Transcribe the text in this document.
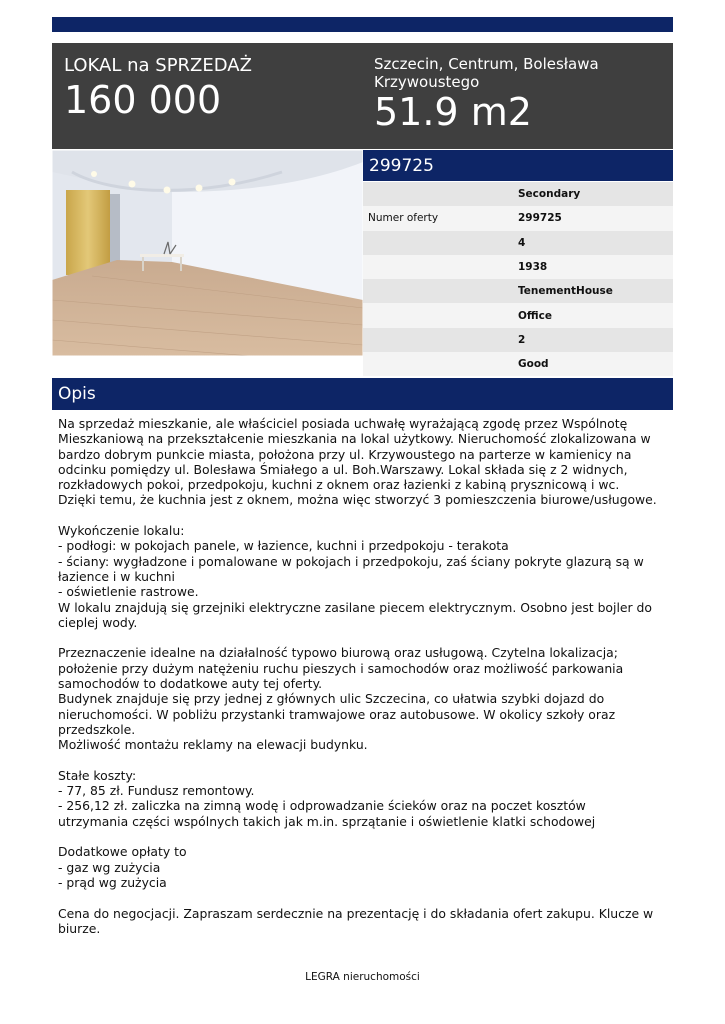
LOKAL na SPRZEDAŻ
160 000
Szczecin, Centrum, Bolesława Krzywoustego
51.9 m2
299725
Secondary
Numer oferty	299725
4
1938
TenementHouse
Office
2
Good
Opis

Na sprzedaż mieszkanie, ale właściciel posiada uchwałę wyrażającą zgodę przez Wspólnotę Mieszkaniową na przekształcenie mieszkania na lokal użytkowy. Nieruchomość zlokalizowana w bardzo dobrym punkcie miasta, położona przy ul. Krzywoustego na parterze w kamienicy na odcinku pomiędzy ul. Bolesława Śmiałego a ul. Boh.Warszawy. Lokal składa się z 2 widnych, rozkładowych pokoi, przedpokoju, kuchni z oknem oraz łazienki z kabiną prysznicową i wc. Dzięki temu, że kuchnia jest z oknem, można więc stworzyć 3 pomieszczenia biurowe/usługowe.

Wykończenie lokalu:

- podłogi: w pokojach panele, w łazience, kuchni i przedpokoju - terakota

- ściany: wygładzone i pomalowane w pokojach i przedpokoju, zaś ściany pokryte glazurą są w łazience i w kuchni

- oświetlenie rastrowe.

W lokalu znajdują się grzejniki elektryczne zasilane piecem elektrycznym. Osobno jest bojler do cieplej wody.

Przeznaczenie idealne na działalność typowo biurową oraz usługową. Czytelna lokalizacja; położenie przy dużym natężeniu ruchu pieszych i samochodów oraz możliwość parkowania samochodów to dodatkowe auty tej oferty.

Budynek znajduje się przy jednej z głównych ulic Szczecina, co ułatwia szybki dojazd do nieruchomości. W pobliżu przystanki tramwajowe oraz autobusowe. W okolicy szkoły oraz przedszkole.

Możliwość montażu reklamy na elewacji budynku.

Stałe koszty:

- 77, 85 zł. Fundusz remontowy.

- 256,12 zł. zaliczka na zimną wodę i odprowadzanie ścieków oraz na poczet kosztów utrzymania części wspólnych takich jak m.in. sprzątanie i oświetlenie klatki schodowej

Dodatkowe opłaty to

- gaz wg zużycia

- prąd wg zużycia

Cena do negocjacji. Zapraszam serdecznie na prezentację i do składania ofert zakupu. Klucze w biurze.

LEGRA nieruchomości
